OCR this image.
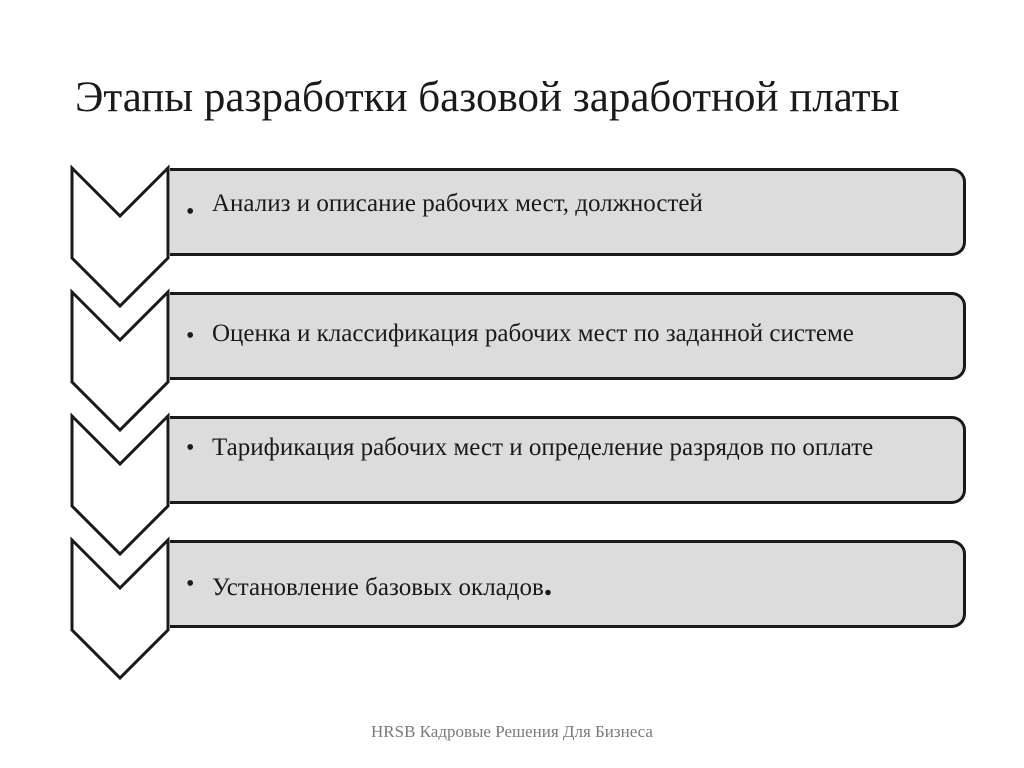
Этапы разработки базовой заработной платы
• Анализ и описание рабочих мест, должностей
• Оценка и классификация рабочих мест по заданной системе
• Тарификация рабочих мест и определение разрядов по оплате
• Установление базовых окладов.
HRSB Кадровые Решения Для Бизнеса
